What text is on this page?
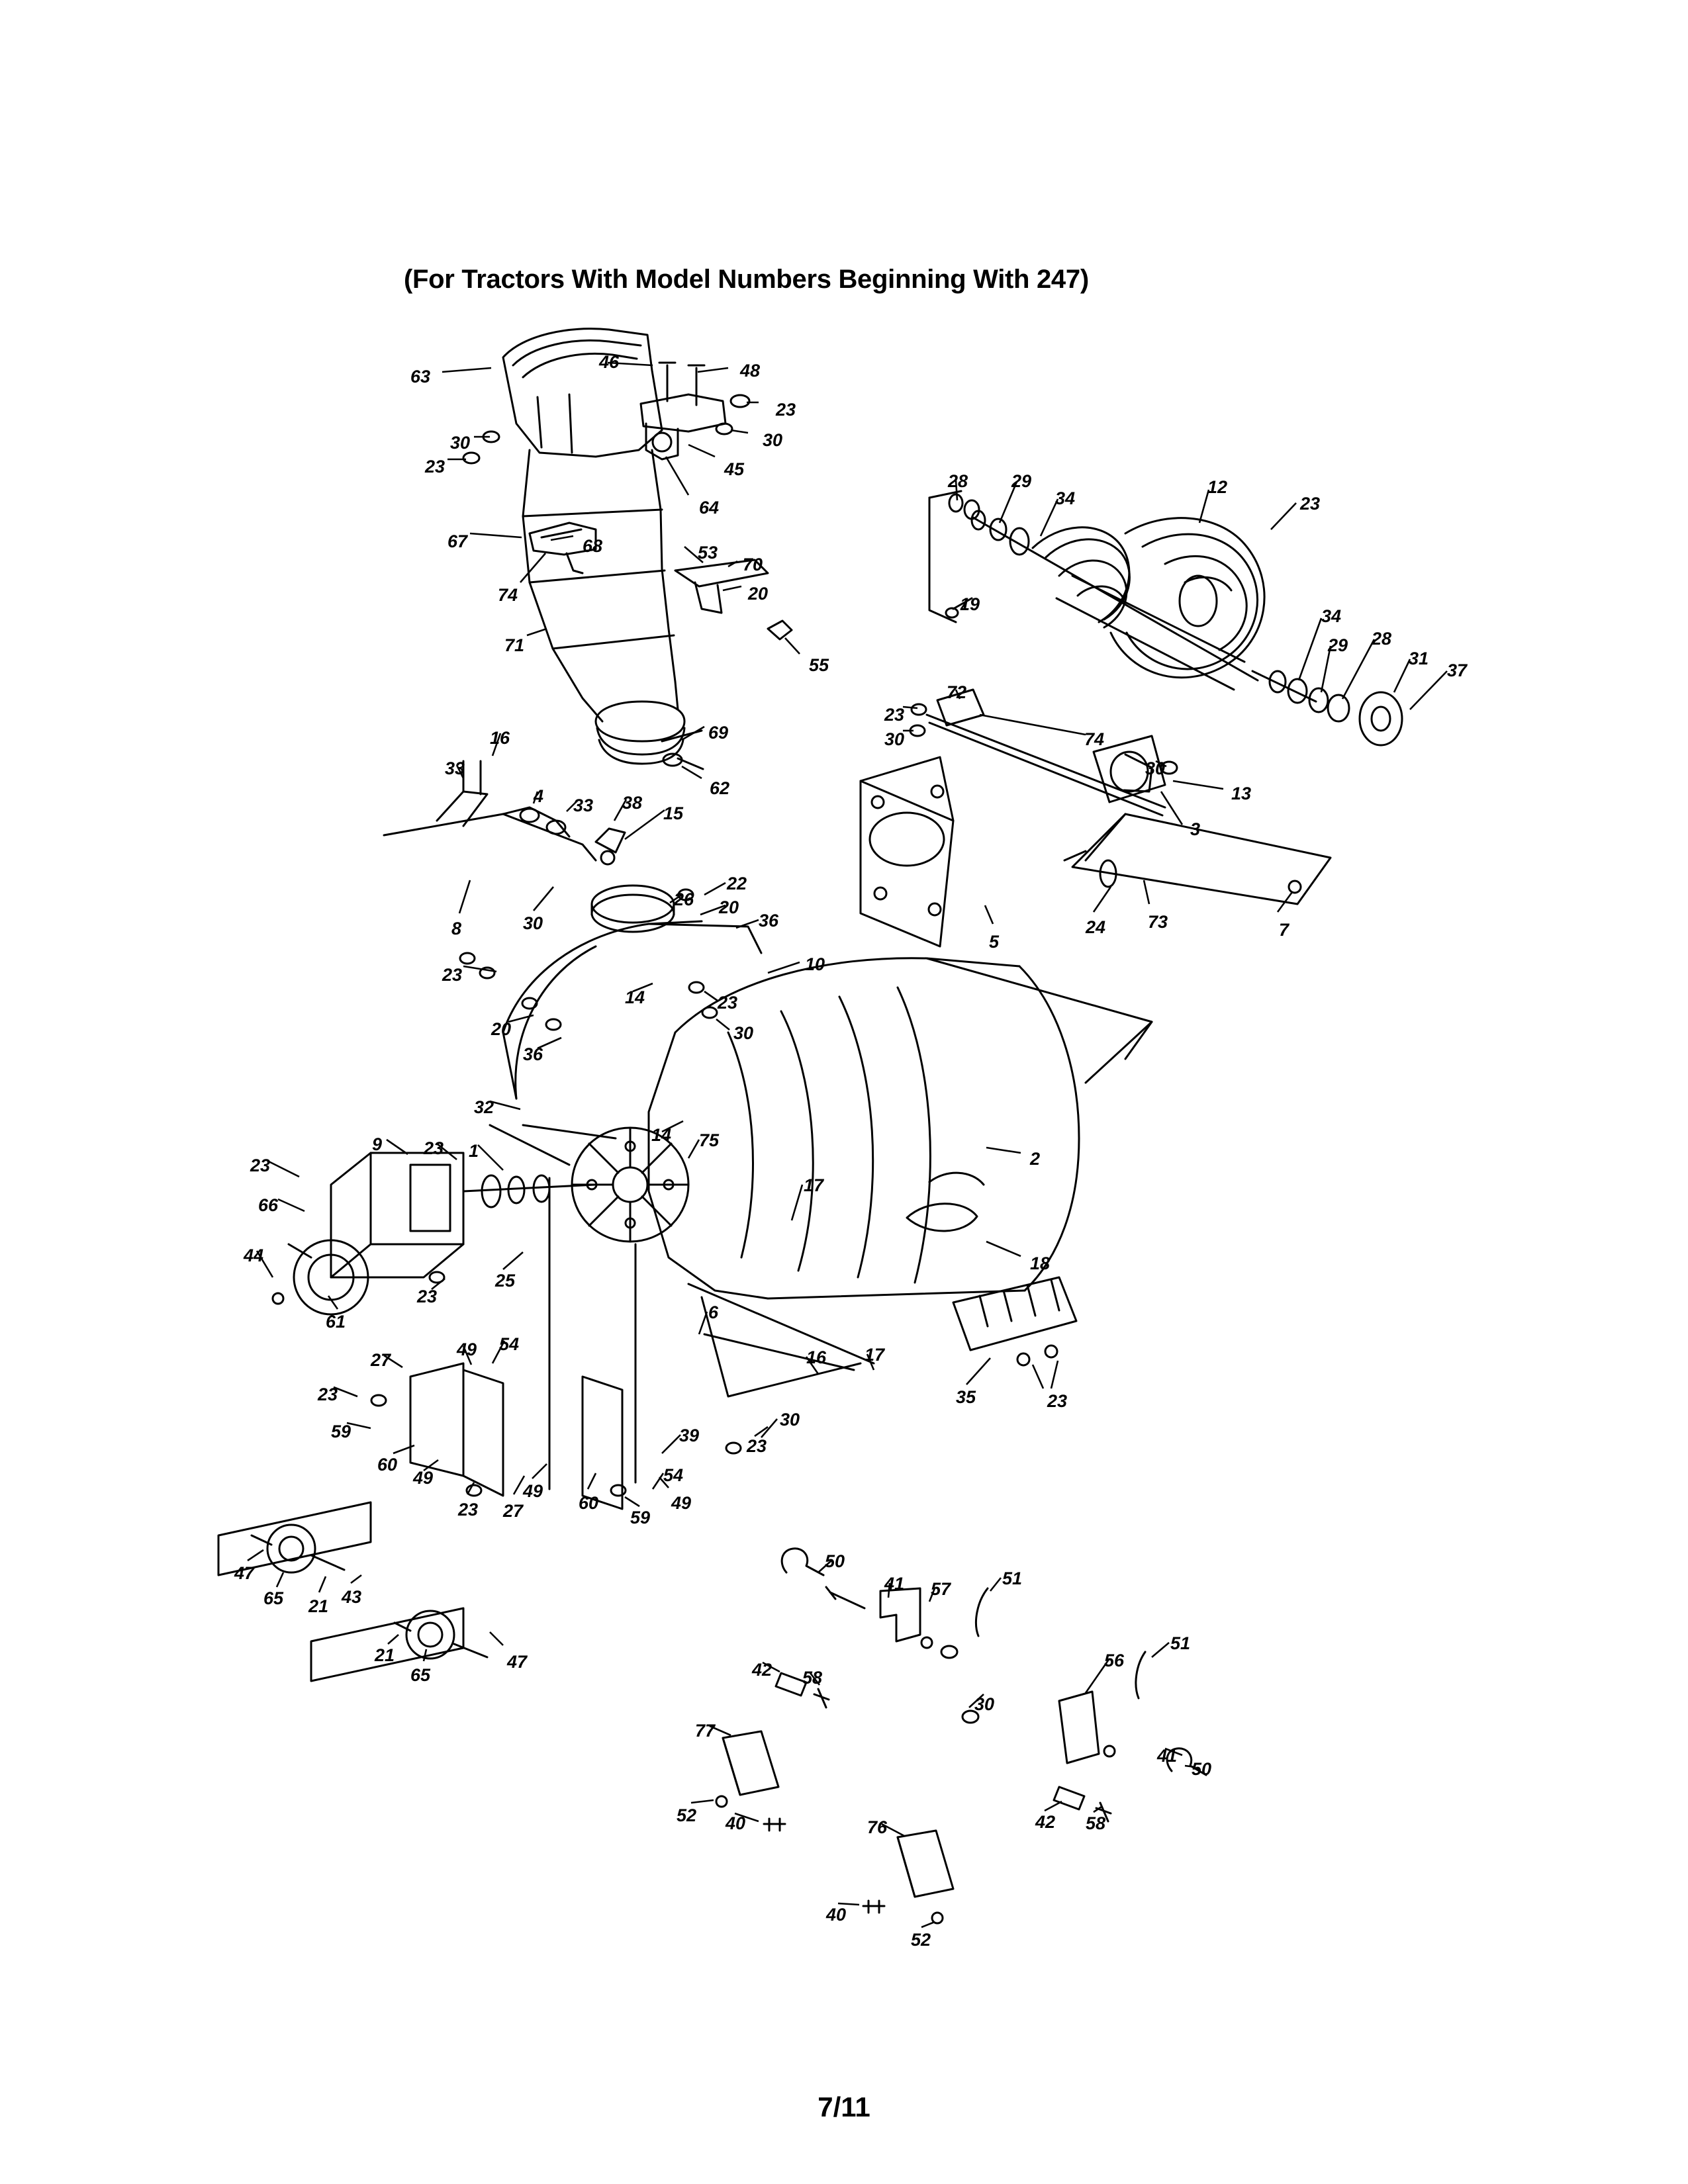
(For Tractors With Model Numbers Beginning With 247)
63
46	48
23
30	30
23	45
64
67	68
74
53
70
20
71
55
28 29
34
12
23
19
34
29 28
31
37
72
23
30	74
69
62
16
33
4 33 38
15
8	30
30
13
3
24 73
5
7
26
22
20
36
10
23
14	23
20	30
36
32
14 75
2
9 23 1
23
66
17
44	18
25
23
61	6
27
49 54
16 17
35	23
23
59
60
49
23 27
49
60
54
39
49
59
30
23
47
65 21 43
21
65
47
50
41 57
51
42 58
30
56
51
41
50
77
52 40	42 58
76
40
52
7/11
